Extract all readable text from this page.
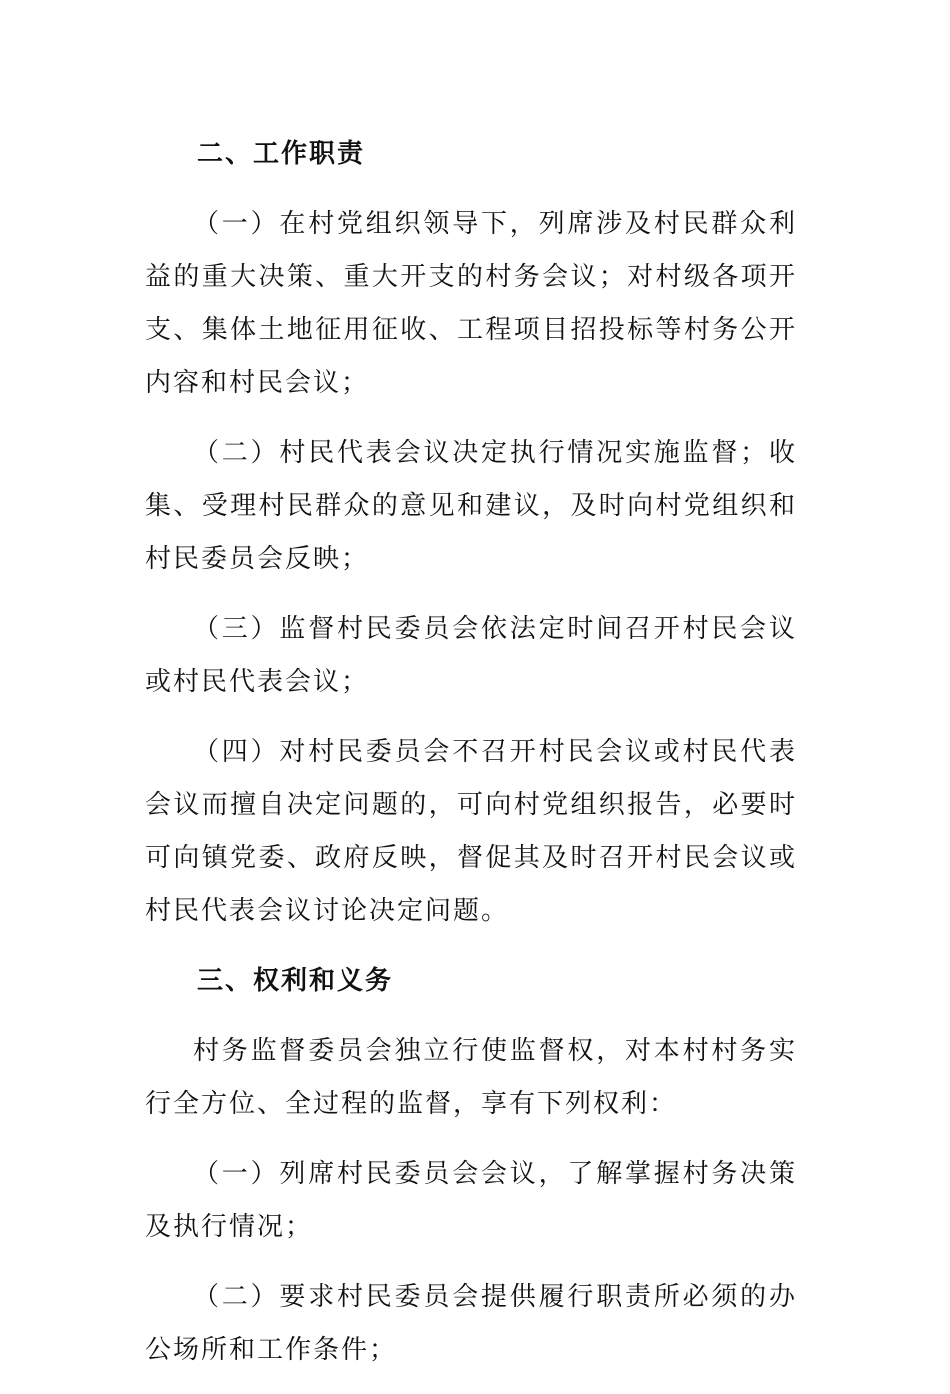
二、工作职责

（一）在村党组织领导下，列席涉及村民群众利益的重大决策、重大开支的村务会议；对村级各项开支、集体土地征用征收、工程项目招投标等村务公开内容和村民会议；

（二）村民代表会议决定执行情况实施监督；收集、受理村民群众的意见和建议，及时向村党组织和村民委员会反映；

（三）监督村民委员会依法定时间召开村民会议或村民代表会议；

（四）对村民委员会不召开村民会议或村民代表会议而擅自决定问题的，可向村党组织报告，必要时可向镇党委、政府反映，督促其及时召开村民会议或村民代表会议讨论决定问题。

三、权利和义务

村务监督委员会独立行使监督权，对本村村务实行全方位、全过程的监督，享有下列权利：

（一）列席村民委员会会议，了解掌握村务决策及执行情况；

（二）要求村民委员会提供履行职责所必须的办公场所和工作条件；
